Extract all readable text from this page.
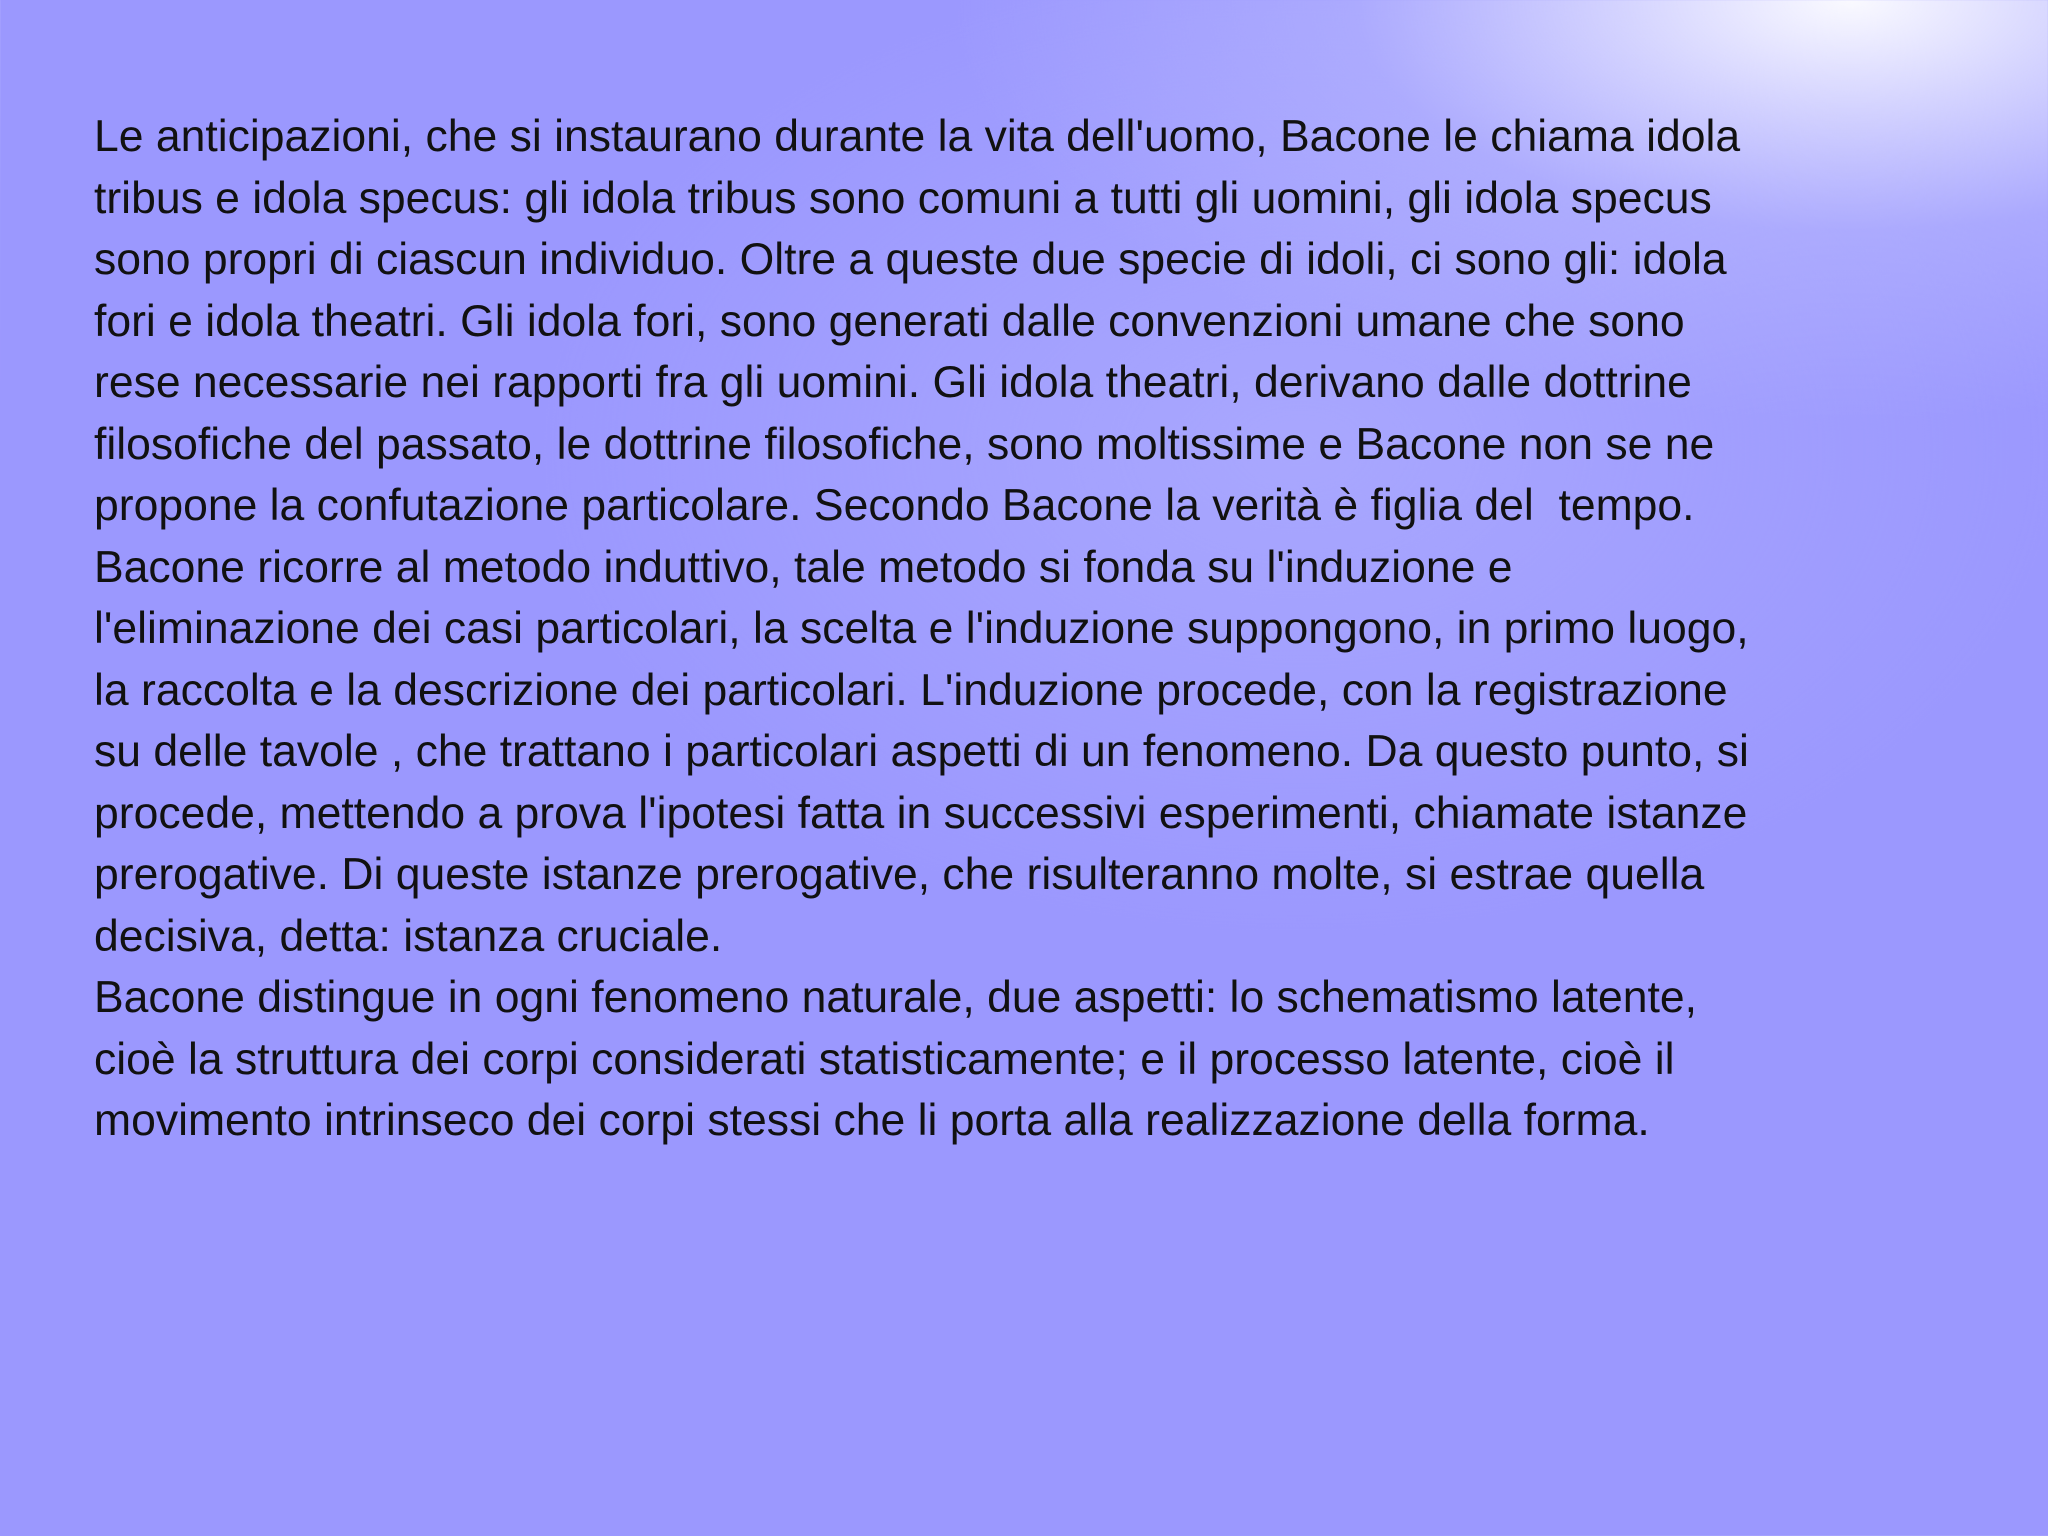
Le anticipazioni, che si instaurano durante la vita dell'uomo, Bacone le chiama idola
tribus e idola specus: gli idola tribus sono comuni a tutti gli uomini, gli idola specus
sono propri di ciascun individuo. Oltre a queste due specie di idoli, ci sono gli: idola
fori e idola theatri. Gli idola fori, sono generati dalle convenzioni umane che sono
rese necessarie nei rapporti fra gli uomini. Gli idola theatri, derivano dalle dottrine
filosofiche del passato, le dottrine filosofiche, sono moltissime e Bacone non se ne
propone la confutazione particolare. Secondo Bacone la verità è figlia del  tempo.
Bacone ricorre al metodo induttivo, tale metodo si fonda su l'induzione e
l'eliminazione dei casi particolari, la scelta e l'induzione suppongono, in primo luogo,
la raccolta e la descrizione dei particolari. L'induzione procede, con la registrazione
su delle tavole , che trattano i particolari aspetti di un fenomeno. Da questo punto, si
procede, mettendo a prova l'ipotesi fatta in successivi esperimenti, chiamate istanze
prerogative. Di queste istanze prerogative, che risulteranno molte, si estrae quella
decisiva, detta: istanza cruciale.
Bacone distingue in ogni fenomeno naturale, due aspetti: lo schematismo latente,
cioè la struttura dei corpi considerati statisticamente; e il processo latente, cioè il
movimento intrinseco dei corpi stessi che li porta alla realizzazione della forma.
